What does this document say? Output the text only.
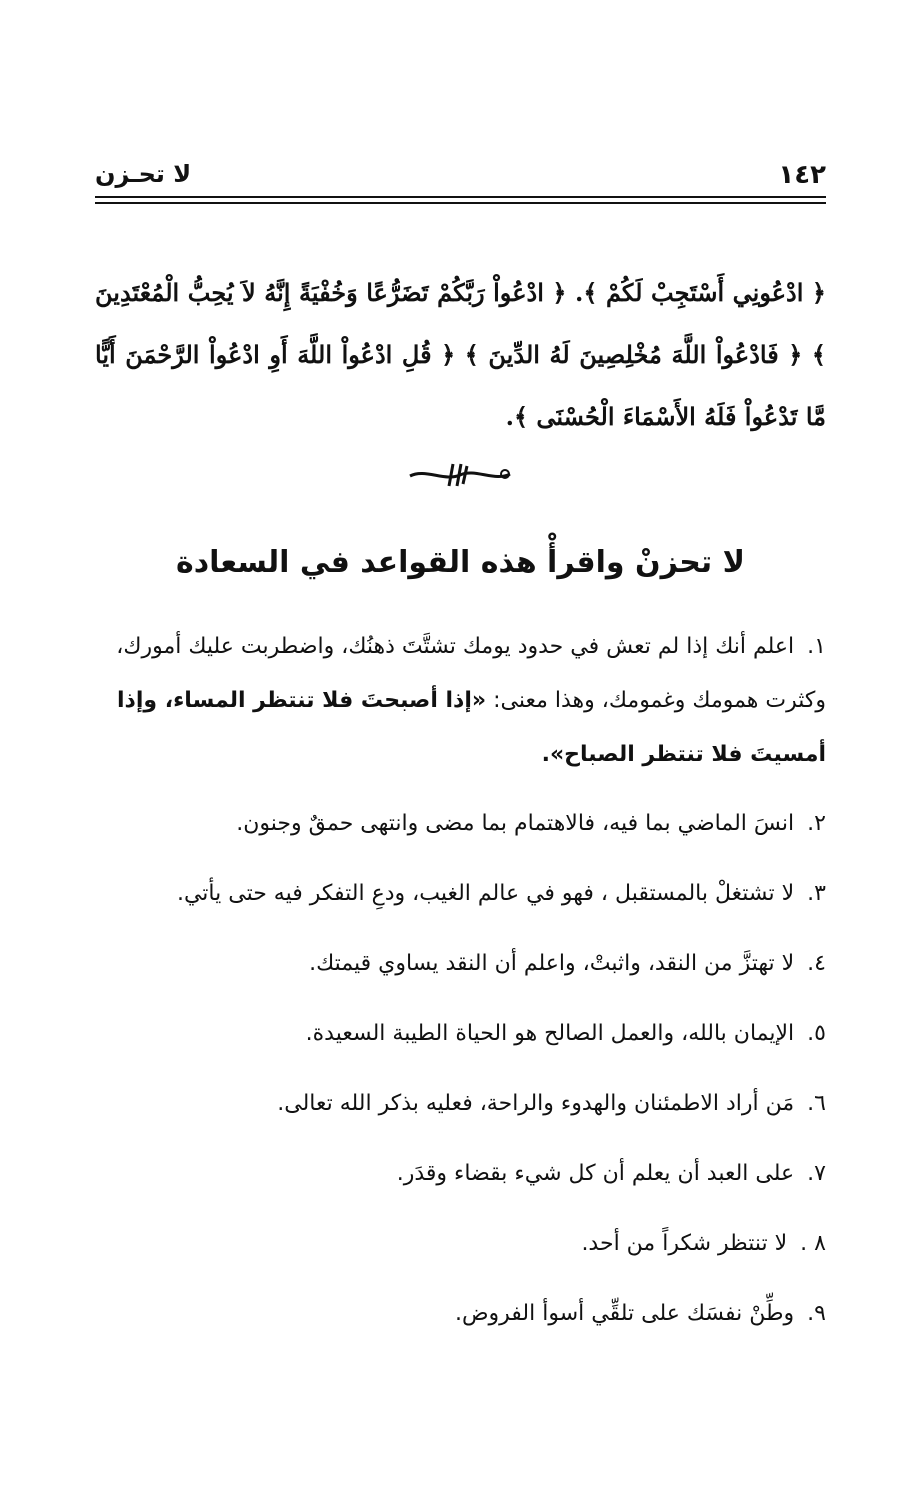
١٤٢
لا تحـزن
﴿ ادْعُونِي أَسْتَجِبْ لَكُمْ ﴾. ﴿ ادْعُواْ رَبَّكُمْ تَضَرُّعًا وَخُفْيَةً إِنَّهُ لاَ يُحِبُّ الْمُعْتَدِينَ ﴾ ﴿ فَادْعُواْ اللَّهَ مُخْلِصِينَ لَهُ الدِّينَ ﴾ ﴿ قُلِ ادْعُواْ اللَّهَ أَوِ ادْعُواْ الرَّحْمَنَ أَيًّا مَّا تَدْعُواْ فَلَهُ الأَسْمَاءَ الْحُسْنَى ﴾.
لا تحزنْ واقرأْ هذه القواعد في السعادة
١. اعلم أنك إذا لم تعش في حدود يومك تشتَّتَ ذهنُك، واضطربت عليك أمورك، وكثرت همومك وغمومك، وهذا معنى: «إذا أصبحتَ فلا تنتظر المساء، وإذا أمسيتَ فلا تنتظر الصباح».
٢. انسَ الماضي بما فيه، فالاهتمام بما مضى وانتهى حمقٌ وجنون.
٣. لا تشتغلْ بالمستقبل ، فهو في عالم الغيب، ودعِ التفكر فيه حتى يأتي.
٤. لا تهتزَّ من النقد، واثبتْ، واعلم أن النقد يساوي قيمتك.
٥. الإيمان بالله، والعمل الصالح هو الحياة الطيبة السعيدة.
٦. مَن أراد الاطمئنان والهدوء والراحة، فعليه بذكر الله تعالى.
٧. على العبد أن يعلم أن كل شيء بقضاء وقدَر.
٨ . لا تنتظر شكراً من أحد.
٩. وطِّنْ نفسَك على تلقِّي أسوأ الفروض.
